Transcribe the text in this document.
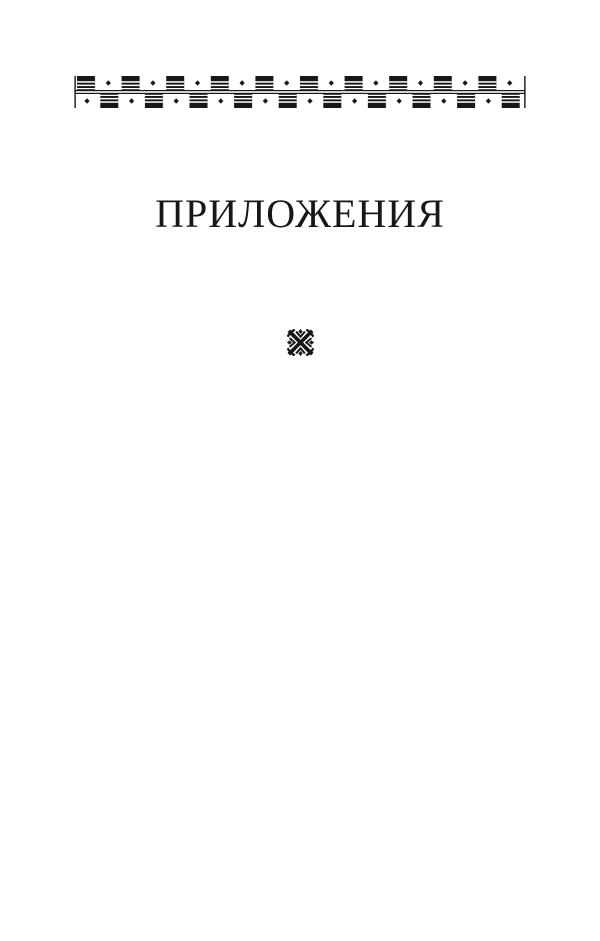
ПРИЛОЖЕНИЯ
